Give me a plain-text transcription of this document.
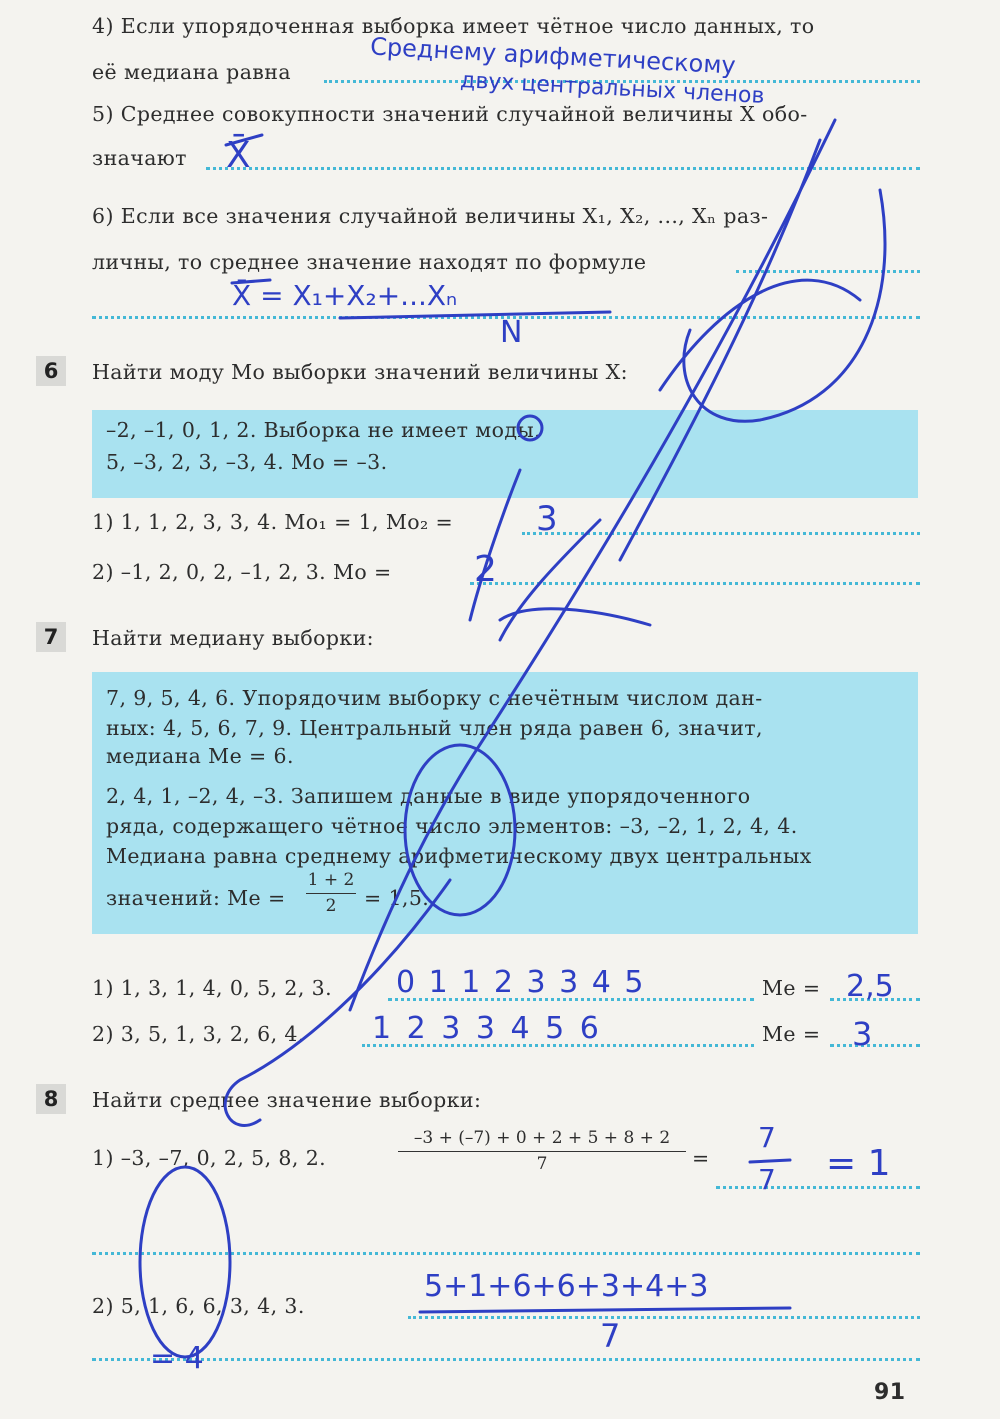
4) Если упорядоченная выборка имеет чётное число данных, то
её медиана равна
5) Среднее совокупности значений случайной величины X обо-
значают
6) Если все значения случайной величины X₁, X₂, ..., Xₙ раз-
личны, то среднее значение находят по формуле
6	Найти моду Mo выборки значений величины X:
–2, –1, 0, 1, 2. Выборка не имеет моды.
5, –3, 2, 3, –3, 4. Mo = –3.
1) 1, 1, 2, 3, 3, 4. Mo₁ = 1, Mo₂ =
2) –1, 2, 0, 2, –1, 2, 3. Mo =
7	Найти медиану выборки:
7, 9, 5, 4, 6. Упорядочим выборку с нечётным числом дан-
ных: 4, 5, 6, 7, 9. Центральный член ряда равен 6, значит,
медиана Me = 6.
2, 4, 1, –2, 4, –3. Запишем данные в виде упорядоченного
ряда, содержащего чётное число элементов: –3, –2, 1, 2, 4, 4.
Медиана равна среднему арифметическому двух центральных
значений: Me =
1 + 2
2	= 1,5.
1) 1, 3, 1, 4, 0, 5, 2, 3.	Me =
2) 3, 5, 1, 3, 2, 6, 4.	Me =
8	Найти среднее значение выборки:
1) –3, –7, 0, 2, 5, 8, 2.
–3 + (–7) + 0 + 2 + 5 + 8 + 2
7	=
2) 5, 1, 6, 6, 3, 4, 3.
91
Среднему арифметическому
двух центральных членов
X̄
X̄ = X₁+X₂+...Xₙ
N
3
2
0 1 1 2 3 3 4 5	2,5
1 2 3 3 4 5 6	3
7
7 = 1
5+1+6+6+3+4+3
7
= 4
